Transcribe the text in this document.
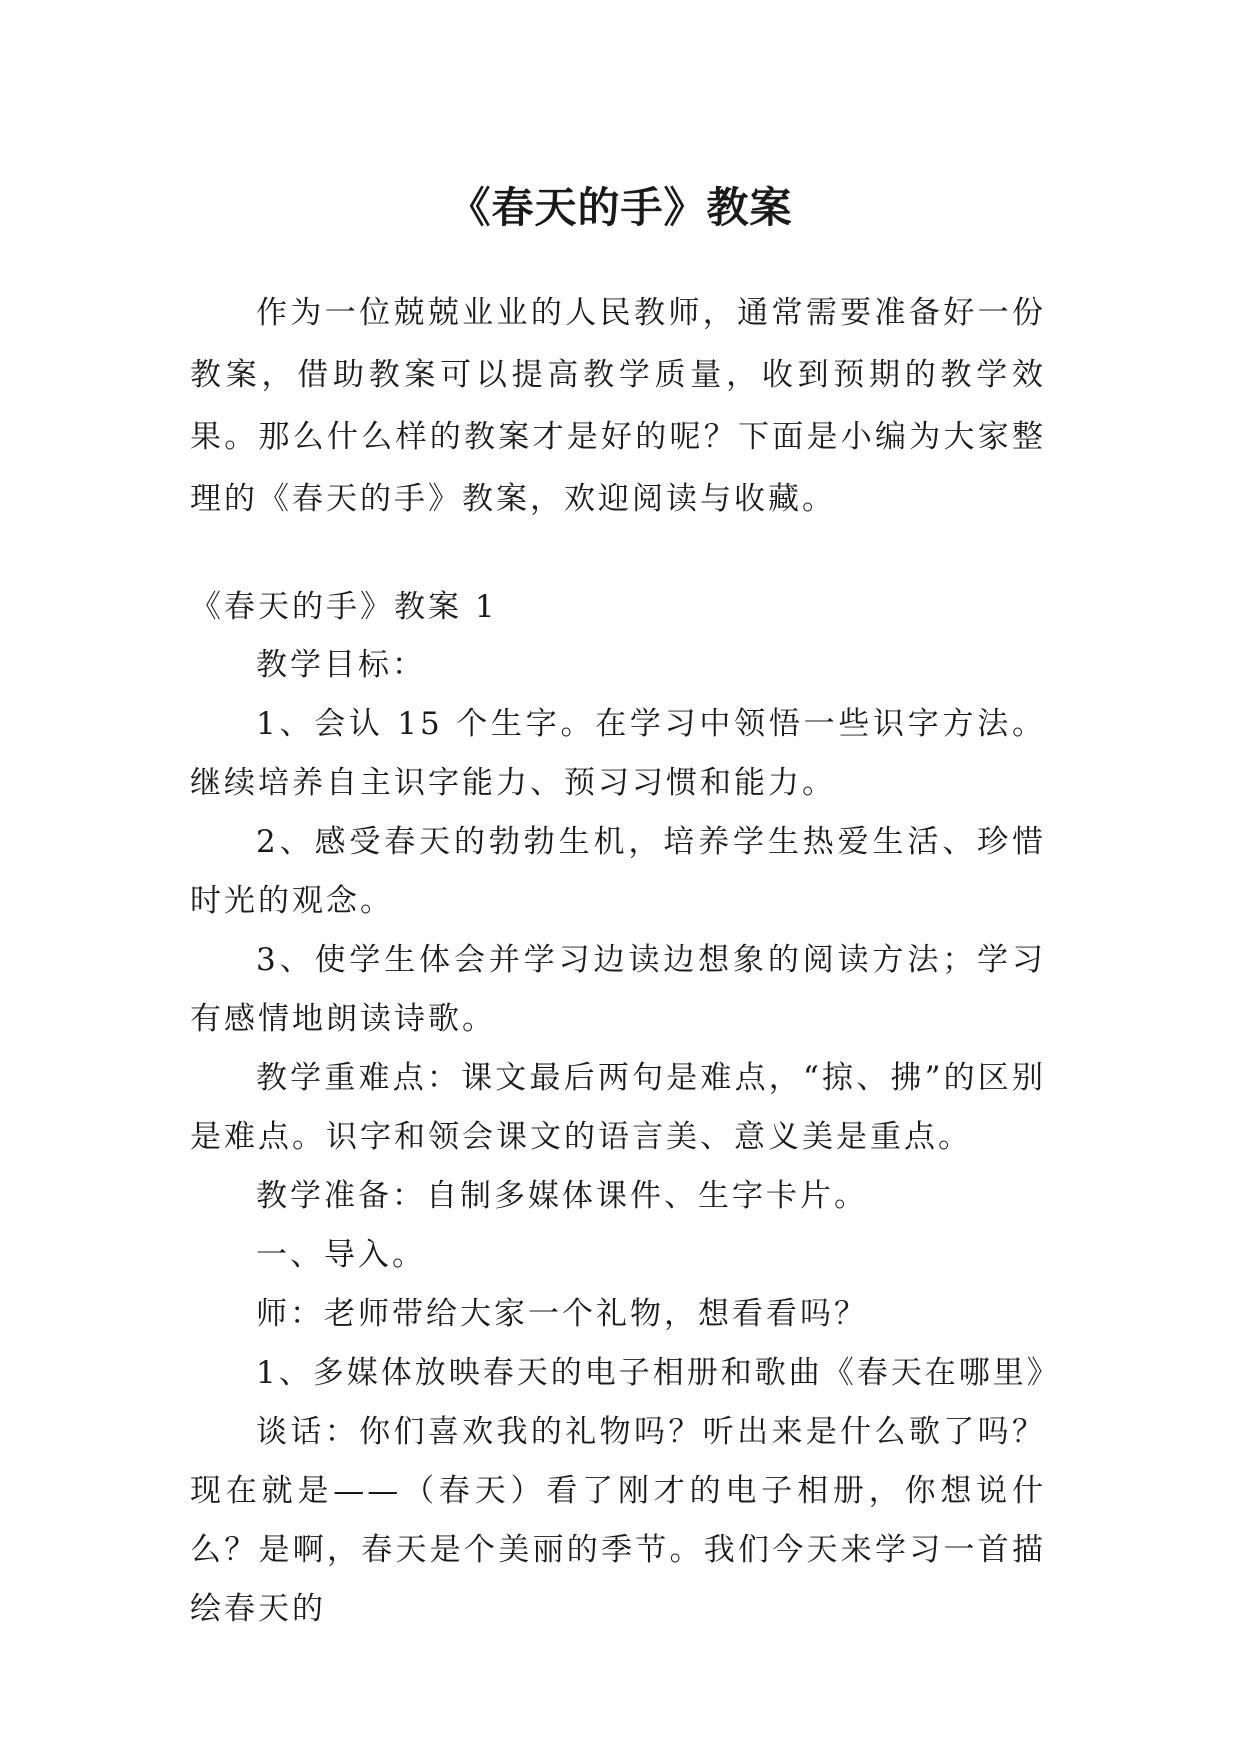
《春天的手》教案

作为一位兢兢业业的人民教师，通常需要准备好一份教案，借助教案可以提高教学质量，收到预期的教学效果。那么什么样的教案才是好的呢？下面是小编为大家整理的《春天的手》教案，欢迎阅读与收藏。

《春天的手》教案 1

教学目标：

1、会认 15 个生字。在学习中领悟一些识字方法。继续培养自主识字能力、预习习惯和能力。

2、感受春天的勃勃生机，培养学生热爱生活、珍惜时光的观念。

3、使学生体会并学习边读边想象的阅读方法；学习有感情地朗读诗歌。

教学重难点：课文最后两句是难点，“掠、拂”的区别是难点。识字和领会课文的语言美、意义美是重点。

教学准备：自制多媒体课件、生字卡片。

一、导入。

师：老师带给大家一个礼物，想看看吗？

1、多媒体放映春天的电子相册和歌曲《春天在哪里》

谈话：你们喜欢我的礼物吗？听出来是什么歌了吗？现在就是——（春天）看了刚才的电子相册，你想说什么？是啊，春天是个美丽的季节。我们今天来学习一首描绘春天的
